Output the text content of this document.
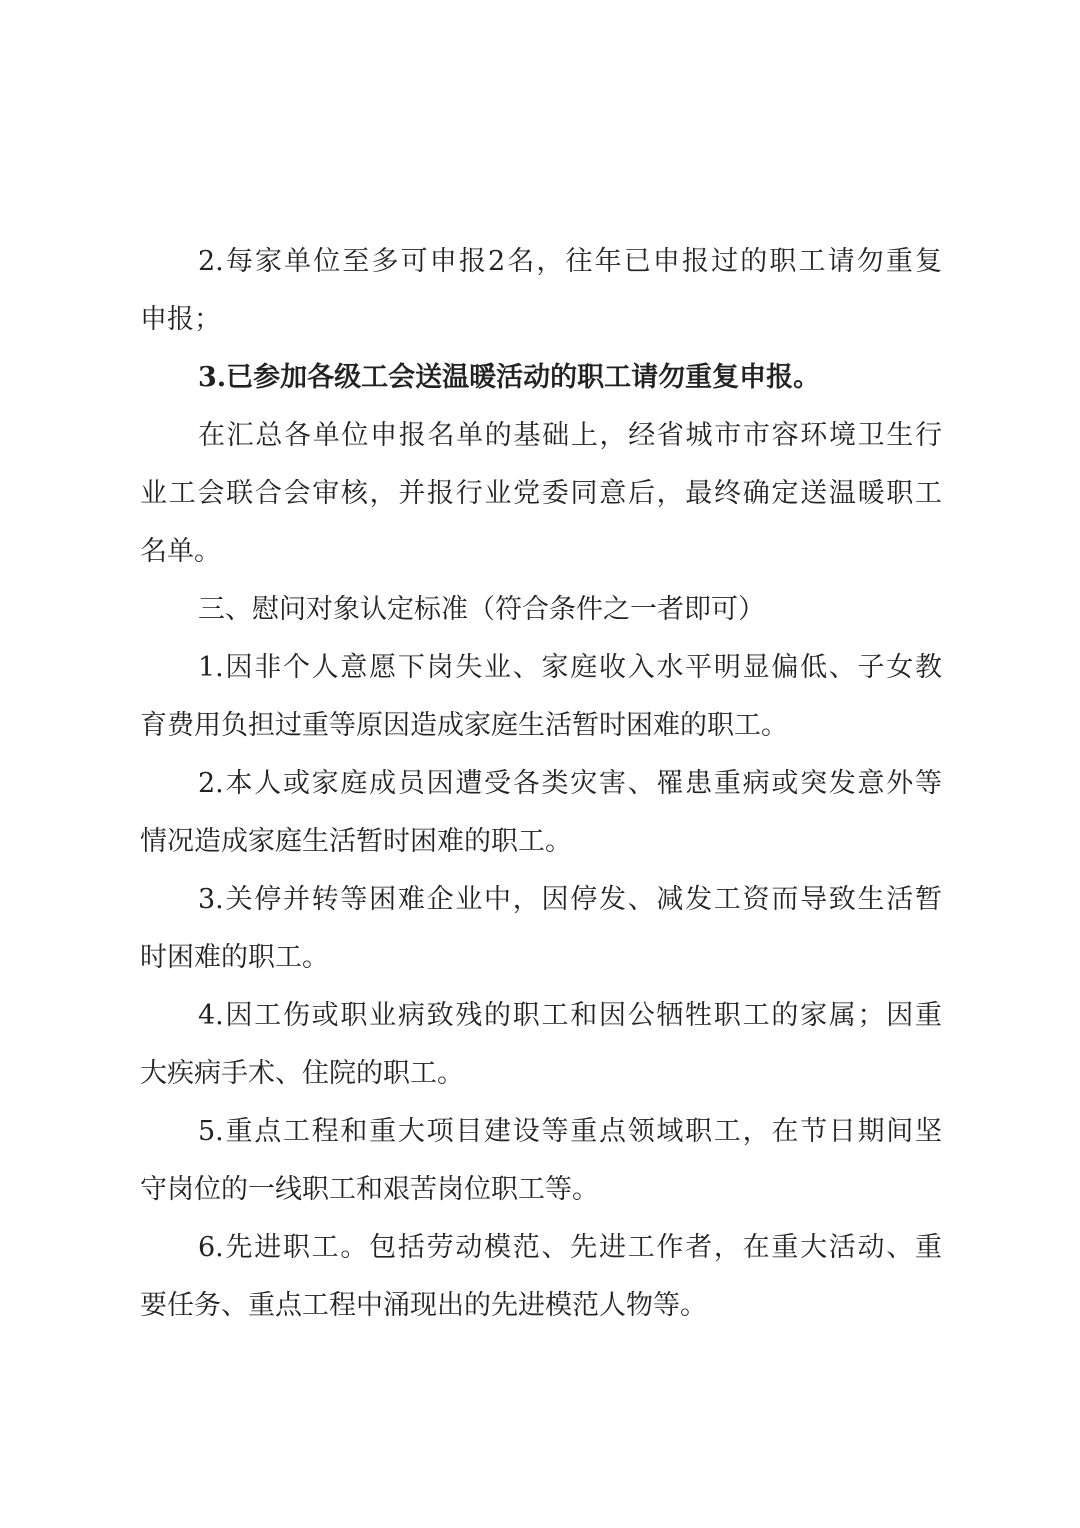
2.每家单位至多可申报2名，往年已申报过的职工请勿重复
申报；
3.已参加各级工会送温暖活动的职工请勿重复申报。
在汇总各单位申报名单的基础上，经省城市市容环境卫生行
业工会联合会审核，并报行业党委同意后，最终确定送温暖职工
名单。
三、慰问对象认定标准（符合条件之一者即可）
1.因非个人意愿下岗失业、家庭收入水平明显偏低、子女教
育费用负担过重等原因造成家庭生活暂时困难的职工。
2.本人或家庭成员因遭受各类灾害、罹患重病或突发意外等
情况造成家庭生活暂时困难的职工。
3.关停并转等困难企业中，因停发、减发工资而导致生活暂
时困难的职工。
4.因工伤或职业病致残的职工和因公牺牲职工的家属；因重
大疾病手术、住院的职工。
5.重点工程和重大项目建设等重点领域职工，在节日期间坚
守岗位的一线职工和艰苦岗位职工等。
6.先进职工。包括劳动模范、先进工作者，在重大活动、重
要任务、重点工程中涌现出的先进模范人物等。
